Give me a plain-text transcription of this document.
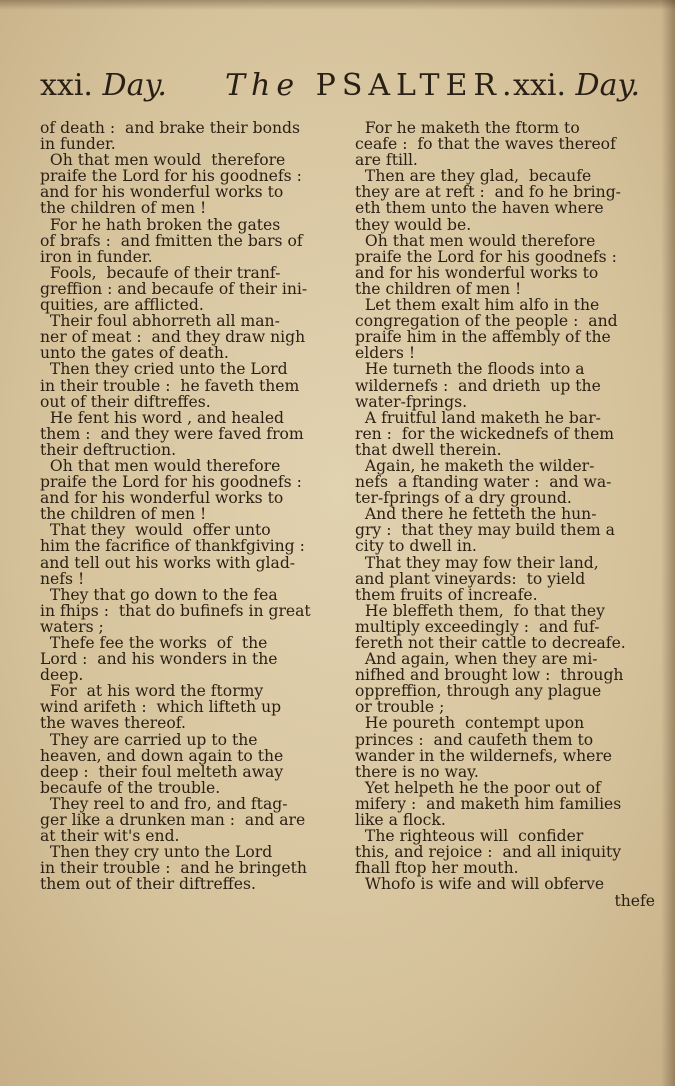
xxi. Day. The PSALTER.
xxi. Day.
of death :  and brake their bonds
in funder.
Oh that men would  therefore
praife the Lord for his goodnefs :
and for his wonderful works to
the children of men !
For he hath broken the gates
of brafs :  and fmitten the bars of
iron in funder.
Fools,  becaufe of their tranf-
greffion : and becaufe of their ini-
quities, are afflicted.
Their foul abhorreth all man-
ner of meat :  and they draw nigh
unto the gates of death.
Then they cried unto the Lord
in their trouble :  he faveth them
out of their diftreffes.
He fent his word , and healed
them :  and they were faved from
their deftruction.
Oh that men would therefore
praife the Lord for his goodnefs :
and for his wonderful works to
the children of men !
That they  would  offer unto
him the facrifice of thankfgiving :
and tell out his works with glad-
nefs !
They that go down to the fea
in fhips :  that do bufinefs in great
waters ;
Thefe fee the works  of  the
Lord :  and his wonders in the
deep.
For  at his word the ftormy
wind arifeth :  which lifteth up
the waves thereof.
They are carried up to the
heaven, and down again to the
deep :  their foul melteth away
becaufe of the trouble.
They reel to and fro, and ftag-
ger like a drunken man :  and are
at their wit's end.
Then they cry unto the Lord
in their trouble :  and he bringeth
them out of their diftreffes.
For he maketh the ftorm to
ceafe :  fo that the waves thereof
are ftill.
Then are they glad,  becaufe
they are at reft :  and fo he bring-
eth them unto the haven where
they would be.
Oh that men would therefore
praife the Lord for his goodnefs :
and for his wonderful works to
the children of men !
Let them exalt him alfo in the
congregation of the people :  and
praife him in the affembly of the
elders !
He turneth the floods into a
wildernefs :  and drieth  up the
water-fprings.
A fruitful land maketh he bar-
ren :  for the wickednefs of them
that dwell therein.
Again, he maketh the wilder-
nefs  a ftanding water :  and wa-
ter-fprings of a dry ground.
And there he fetteth the hun-
gry :  that they may build them a
city to dwell in.
That they may fow their land,
and plant vineyards:  to yield
them fruits of increafe.
He bleffeth them,  fo that they
multiply exceedingly :  and fuf-
fereth not their cattle to decreafe.
And again, when they are mi-
nifhed and brought low :  through
oppreffion, through any plague
or trouble ;
He poureth  contempt upon
princes :  and caufeth them to
wander in the wildernefs, where
there is no way.
Yet helpeth he the poor out of
mifery :  and maketh him families
like a flock.
The righteous will  confider
this, and rejoice :  and all iniquity
fhall ftop her mouth.
Whofo is wife and will obferve
thefe
